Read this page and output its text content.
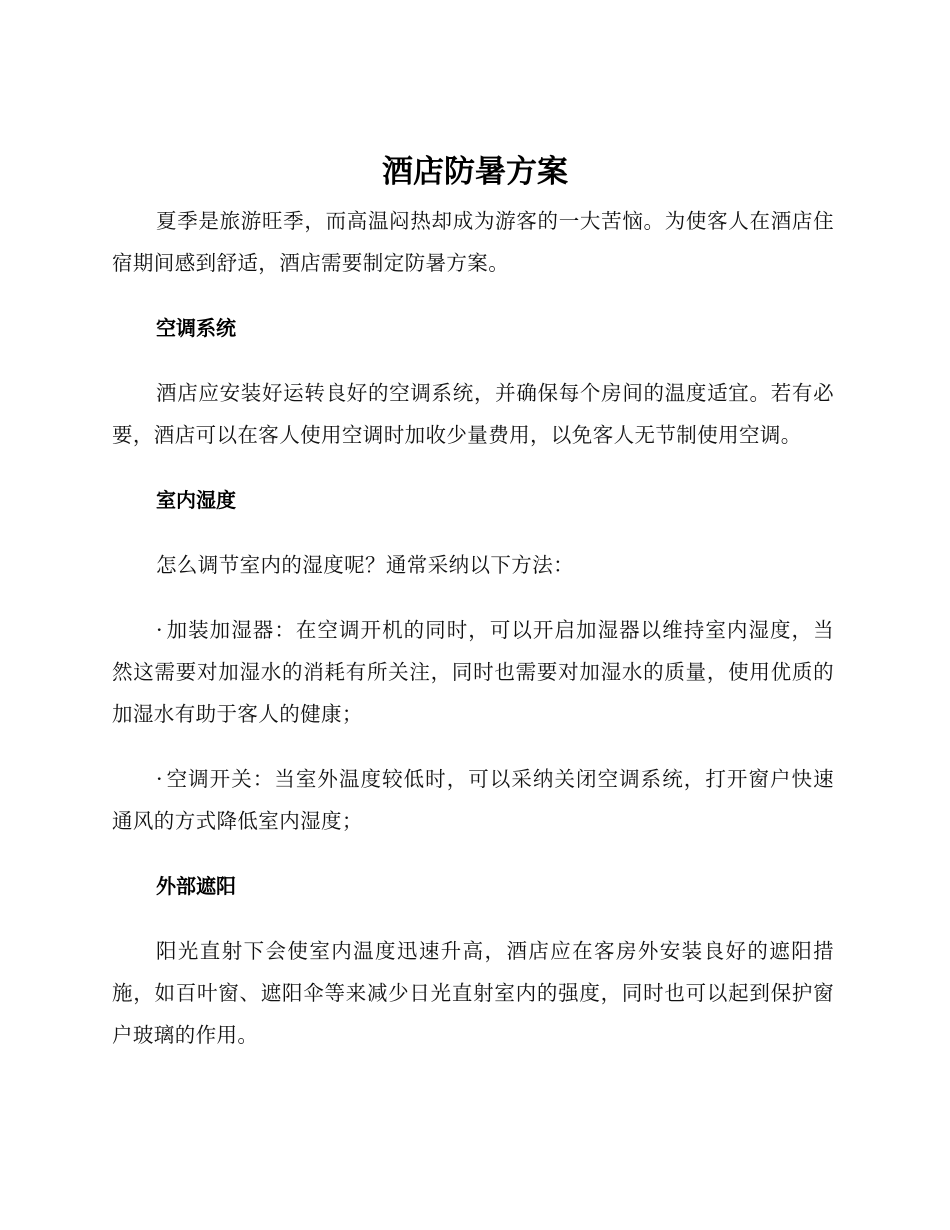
酒店防暑方案

夏季是旅游旺季，而高温闷热却成为游客的一大苦恼。为使客人在酒店住宿期间感到舒适，酒店需要制定防暑方案。

空调系统

酒店应安装好运转良好的空调系统，并确保每个房间的温度适宜。若有必要，酒店可以在客人使用空调时加收少量费用，以免客人无节制使用空调。

室内湿度

怎么调节室内的湿度呢？通常采纳以下方法：

· 加装加湿器：在空调开机的同时，可以开启加湿器以维持室内湿度，当然这需要对加湿水的消耗有所关注，同时也需要对加湿水的质量，使用优质的加湿水有助于客人的健康；

· 空调开关：当室外温度较低时，可以采纳关闭空调系统，打开窗户快速通风的方式降低室内湿度；

外部遮阳

阳光直射下会使室内温度迅速升高，酒店应在客房外安装良好的遮阳措施，如百叶窗、遮阳伞等来减少日光直射室内的强度，同时也可以起到保护窗户玻璃的作用。
